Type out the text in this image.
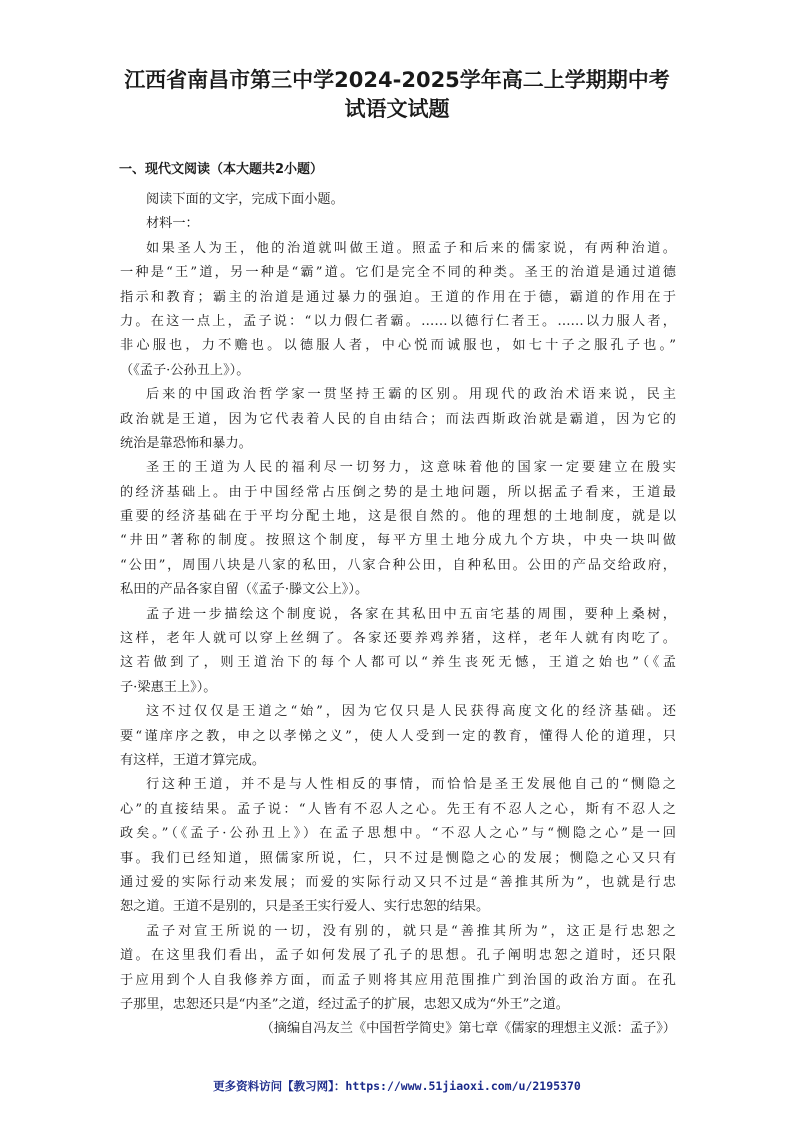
江西省南昌市第三中学2024-2025学年高二上学期期中考
试语文试题
一、现代文阅读（本大题共2小题）
阅读下面的文字，完成下面小题。
材料一：
如果圣人为王，他的治道就叫做王道。照孟子和后来的儒家说，有两种治道。
一种是“王”道，另一种是“霸”道。它们是完全不同的种类。圣王的治道是通过道德
指示和教育；霸主的治道是通过暴力的强迫。王道的作用在于德，霸道的作用在于
力。在这一点上，孟子说：“以力假仁者霸。……以德行仁者王。……以力服人者，
非心服也，力不赡也。以德服人者，中心悦而诚服也，如七十子之服孔子也。”
（《孟子·公孙丑上》）。
后来的中国政治哲学家一贯坚持王霸的区别。用现代的政治术语来说，民主
政治就是王道，因为它代表着人民的自由结合；而法西斯政治就是霸道，因为它的
统治是靠恐怖和暴力。
圣王的王道为人民的福利尽一切努力，这意味着他的国家一定要建立在殷实
的经济基础上。由于中国经常占压倒之势的是土地问题，所以据孟子看来，王道最
重要的经济基础在于平均分配土地，这是很自然的。他的理想的土地制度，就是以
“井田”著称的制度。按照这个制度，每平方里土地分成九个方块，中央一块叫做
“公田”，周围八块是八家的私田，八家合种公田，自种私田。公田的产品交给政府，
私田的产品各家自留（《孟子·滕文公上》）。
孟子进一步描绘这个制度说，各家在其私田中五亩宅基的周围，要种上桑树，
这样，老年人就可以穿上丝绸了。各家还要养鸡养猪，这样，老年人就有肉吃了。
这若做到了，则王道治下的每个人都可以“养生丧死无憾，王道之始也”（《孟
子·梁惠王上》）。
这不过仅仅是王道之“始”，因为它仅只是人民获得高度文化的经济基础。还
要“谨庠序之教，申之以孝悌之义”，使人人受到一定的教育，懂得人伦的道理，只
有这样，王道才算完成。
行这种王道，并不是与人性相反的事情，而恰恰是圣王发展他自己的“恻隐之
心”的直接结果。孟子说：“人皆有不忍人之心。先王有不忍人之心，斯有不忍人之
政矣。”（《孟子·公孙丑上》）在孟子思想中。“不忍人之心”与“恻隐之心”是一回
事。我们已经知道，照儒家所说，仁，只不过是恻隐之心的发展；恻隐之心又只有
通过爱的实际行动来发展；而爱的实际行动又只不过是“善推其所为”，也就是行忠
恕之道。王道不是别的，只是圣王实行爱人、实行忠恕的结果。
孟子对宣王所说的一切，没有别的，就只是“善推其所为”，这正是行忠恕之
道。在这里我们看出，孟子如何发展了孔子的思想。孔子阐明忠恕之道时，还只限
于应用到个人自我修养方面，而孟子则将其应用范围推广到治国的政治方面。在孔
子那里，忠恕还只是“内圣”之道，经过孟子的扩展，忠恕又成为“外王”之道。
（摘编自冯友兰《中国哲学简史》第七章《儒家的理想主义派：孟子》）
更多资料访问【教习网】：https://www.51jiaoxi.com/u/2195370
